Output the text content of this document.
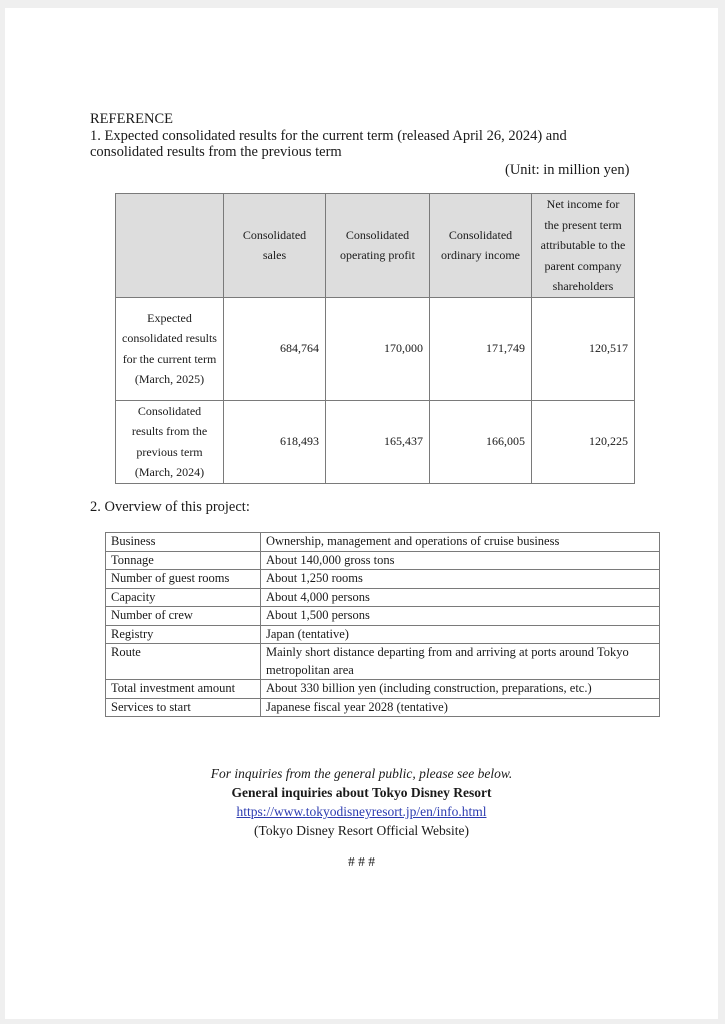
REFERENCE
1. Expected consolidated results for the current term (released April 26, 2024) and
consolidated results from the previous term
(Unit: in million yen)
	Consolidated sales	Consolidated operating profit	Consolidated ordinary income	Net income for the present term attributable to the parent company shareholders
Expected consolidated results for the current term (March, 2025)	684,764	170,000	171,749	120,517
Consolidated results from the previous term (March, 2024)	618,493	165,437	166,005	120,225
2. Overview of this project:
Business	Ownership, management and operations of cruise business
Tonnage	About 140,000 gross tons
Number of guest rooms	About 1,250 rooms
Capacity	About 4,000 persons
Number of crew	About 1,500 persons
Registry	Japan (tentative)
Route	Mainly short distance departing from and arriving at ports around Tokyo metropolitan area
Total investment amount	About 330 billion yen (including construction, preparations, etc.)
Services to start	Japanese fiscal year 2028 (tentative)
For inquiries from the general public, please see below.
General inquiries about Tokyo Disney Resort
https://www.tokyodisneyresort.jp/en/info.html
(Tokyo Disney Resort Official Website)
# # #
